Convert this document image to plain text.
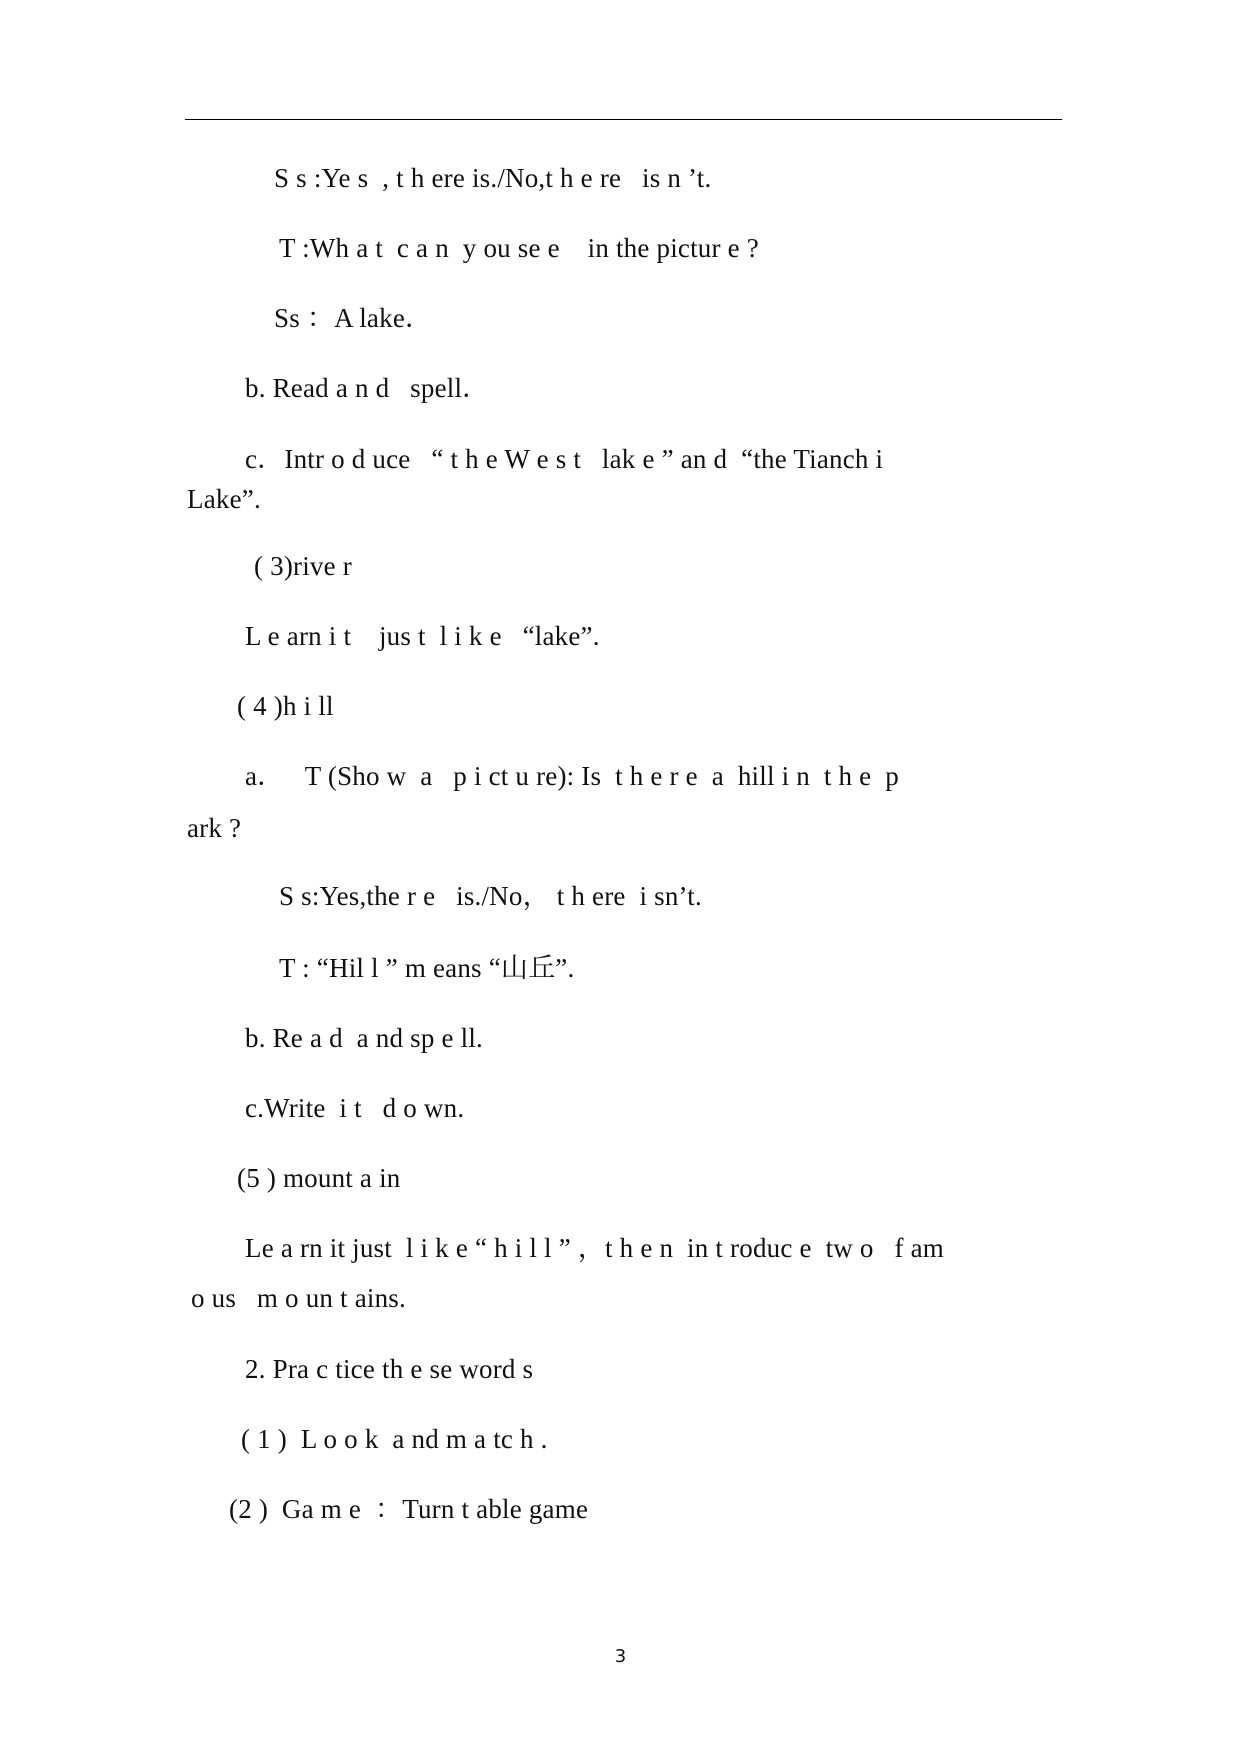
S s :Ye s  , t h ere is./No,t h e re   is n ’t.
T :Wh a t  c a n  y ou se e    in the pictur e ?
Ss ：A lake．
b. Read a n d   spell．
c．Intr o d uce   “ t h e W e s t   lak e ” an d  “the Tianch i
Lake”.
( 3)rive r
L e arn i t    jus t  l i k e   “lake”.
( 4 )h i ll
a．   T (Sho w  a   p i ct u re): Is  t h e r e  a  hill i n  t h e  p
ark ?
S s:Yes,the r e   is./No， t h ere  i sn’t.
T : “Hil l ” m eans “山丘”.
b. Re a d  a nd sp e ll.
c.Write  i t   d o wn.
(5 ) mount a in
Le a rn it just  l i k e “ h i l l ” ，t h e n  in t roduc e  tw o   f am
o us   m o un t ains.
2. Pra c tice th e se word s
( 1 )  L o o k  a nd m a tc h .
(2 )  Ga m e  ：Turn t able game
3
